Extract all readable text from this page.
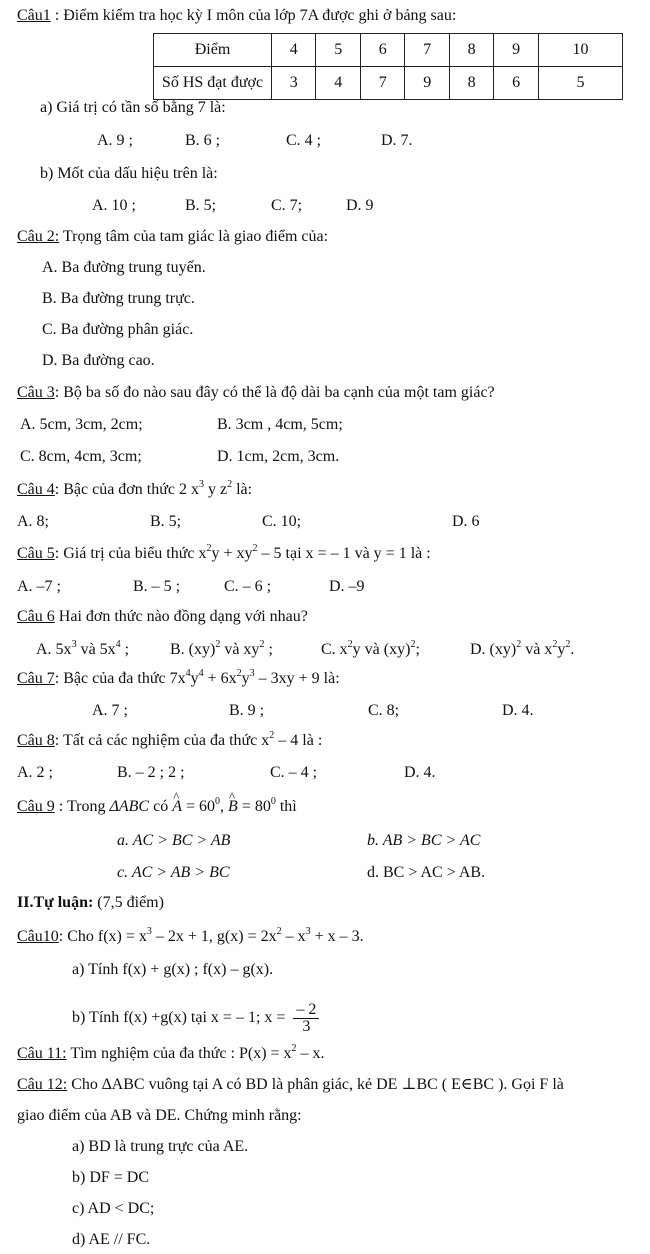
Câu1 : Điểm kiểm tra học kỳ I môn của lớp 7A được ghi ở bảng sau:
Điểm	4	5	6	7	8	9	10
Số HS đạt được	3	4	7	9	8	6	5
a) Giá trị có tần số bằng 7 là:
A. 9 ;	B. 6 ;	C. 4 ;	D. 7.
b) Mốt của dấu hiệu trên là:
A. 10 ;	B. 5;	C. 7;	D. 9
Câu 2: Trọng tâm của tam giác là giao điểm của:
A. Ba đường trung tuyến.
B. Ba đường trung trực.
C. Ba đường phân giác.
D. Ba đường cao.
Câu 3: Bộ ba số đo nào sau đây có thể là độ dài ba cạnh của một tam giác?
A. 5cm, 3cm, 2cm;	B. 3cm , 4cm, 5cm;
C. 8cm, 4cm, 3cm;	D. 1cm, 2cm, 3cm.
Câu 4: Bậc của đơn thức 2 $x^3$ y $z^2$ là:
A. 8;	B. 5;	C. 10;	D. 6
Câu 5: Giá trị của biểu thức $x^2y + xy^2 - 5$ tại x = – 1 và y = 1 là :
A. –7 ;	B. – 5 ;	C. – 6 ;	D. –9
Câu 6 Hai đơn thức nào đồng dạng với nhau?
A. $5x^3$ và $5x^4$ ;	B. (xy)$^2$ và $xy^2$ ;	C. $x^2y$ và (xy)$^2$;	D. (xy)$^2$ và $x^2y^2$.
Câu 7: Bậc của đa thức $7x^4y^4 + 6x^2y^3 - 3xy + 9$ là:
A. 7 ;	B. 9 ;	C. 8;	D. 4.
Câu 8: Tất cả các nghiệm của đa thức $x^2 - 4$ là :
A. 2 ;	B. – 2 ; 2 ;	C. – 4 ;	D. 4.
Câu 9 : Trong ΔABC có ^ $A = 60^0$, ^ $B = 80^0$ thì
a. AC > BC > AB	b. AB > BC > AC
c. AC > AB > BC	d. BC > AC > AB.
II.Tự luận: (7,5 điểm)
Câu10: Cho $f(x) = x^3 - 2x + 1$, $g(x) = 2x^2 - x^3 + x - 3$.
a) Tính f(x) + g(x) ; f(x) – g(x).
b) Tính f(x) +g(x) tại x = – 1; $x = \frac{- 2}{3}$
Câu 11: Tìm nghiệm của đa thức : $P(x) = x^2 - x$.
Câu 12: Cho ∆ABC vuông tại A có BD là phân giác, kẻ DE ⊥BC ( E∈BC ). Gọi F là
giao điểm của AB và DE. Chứng minh rằng:
a) BD là trung trực của AE.
b) DF = DC
c) AD < DC;
d) AE // FC.
